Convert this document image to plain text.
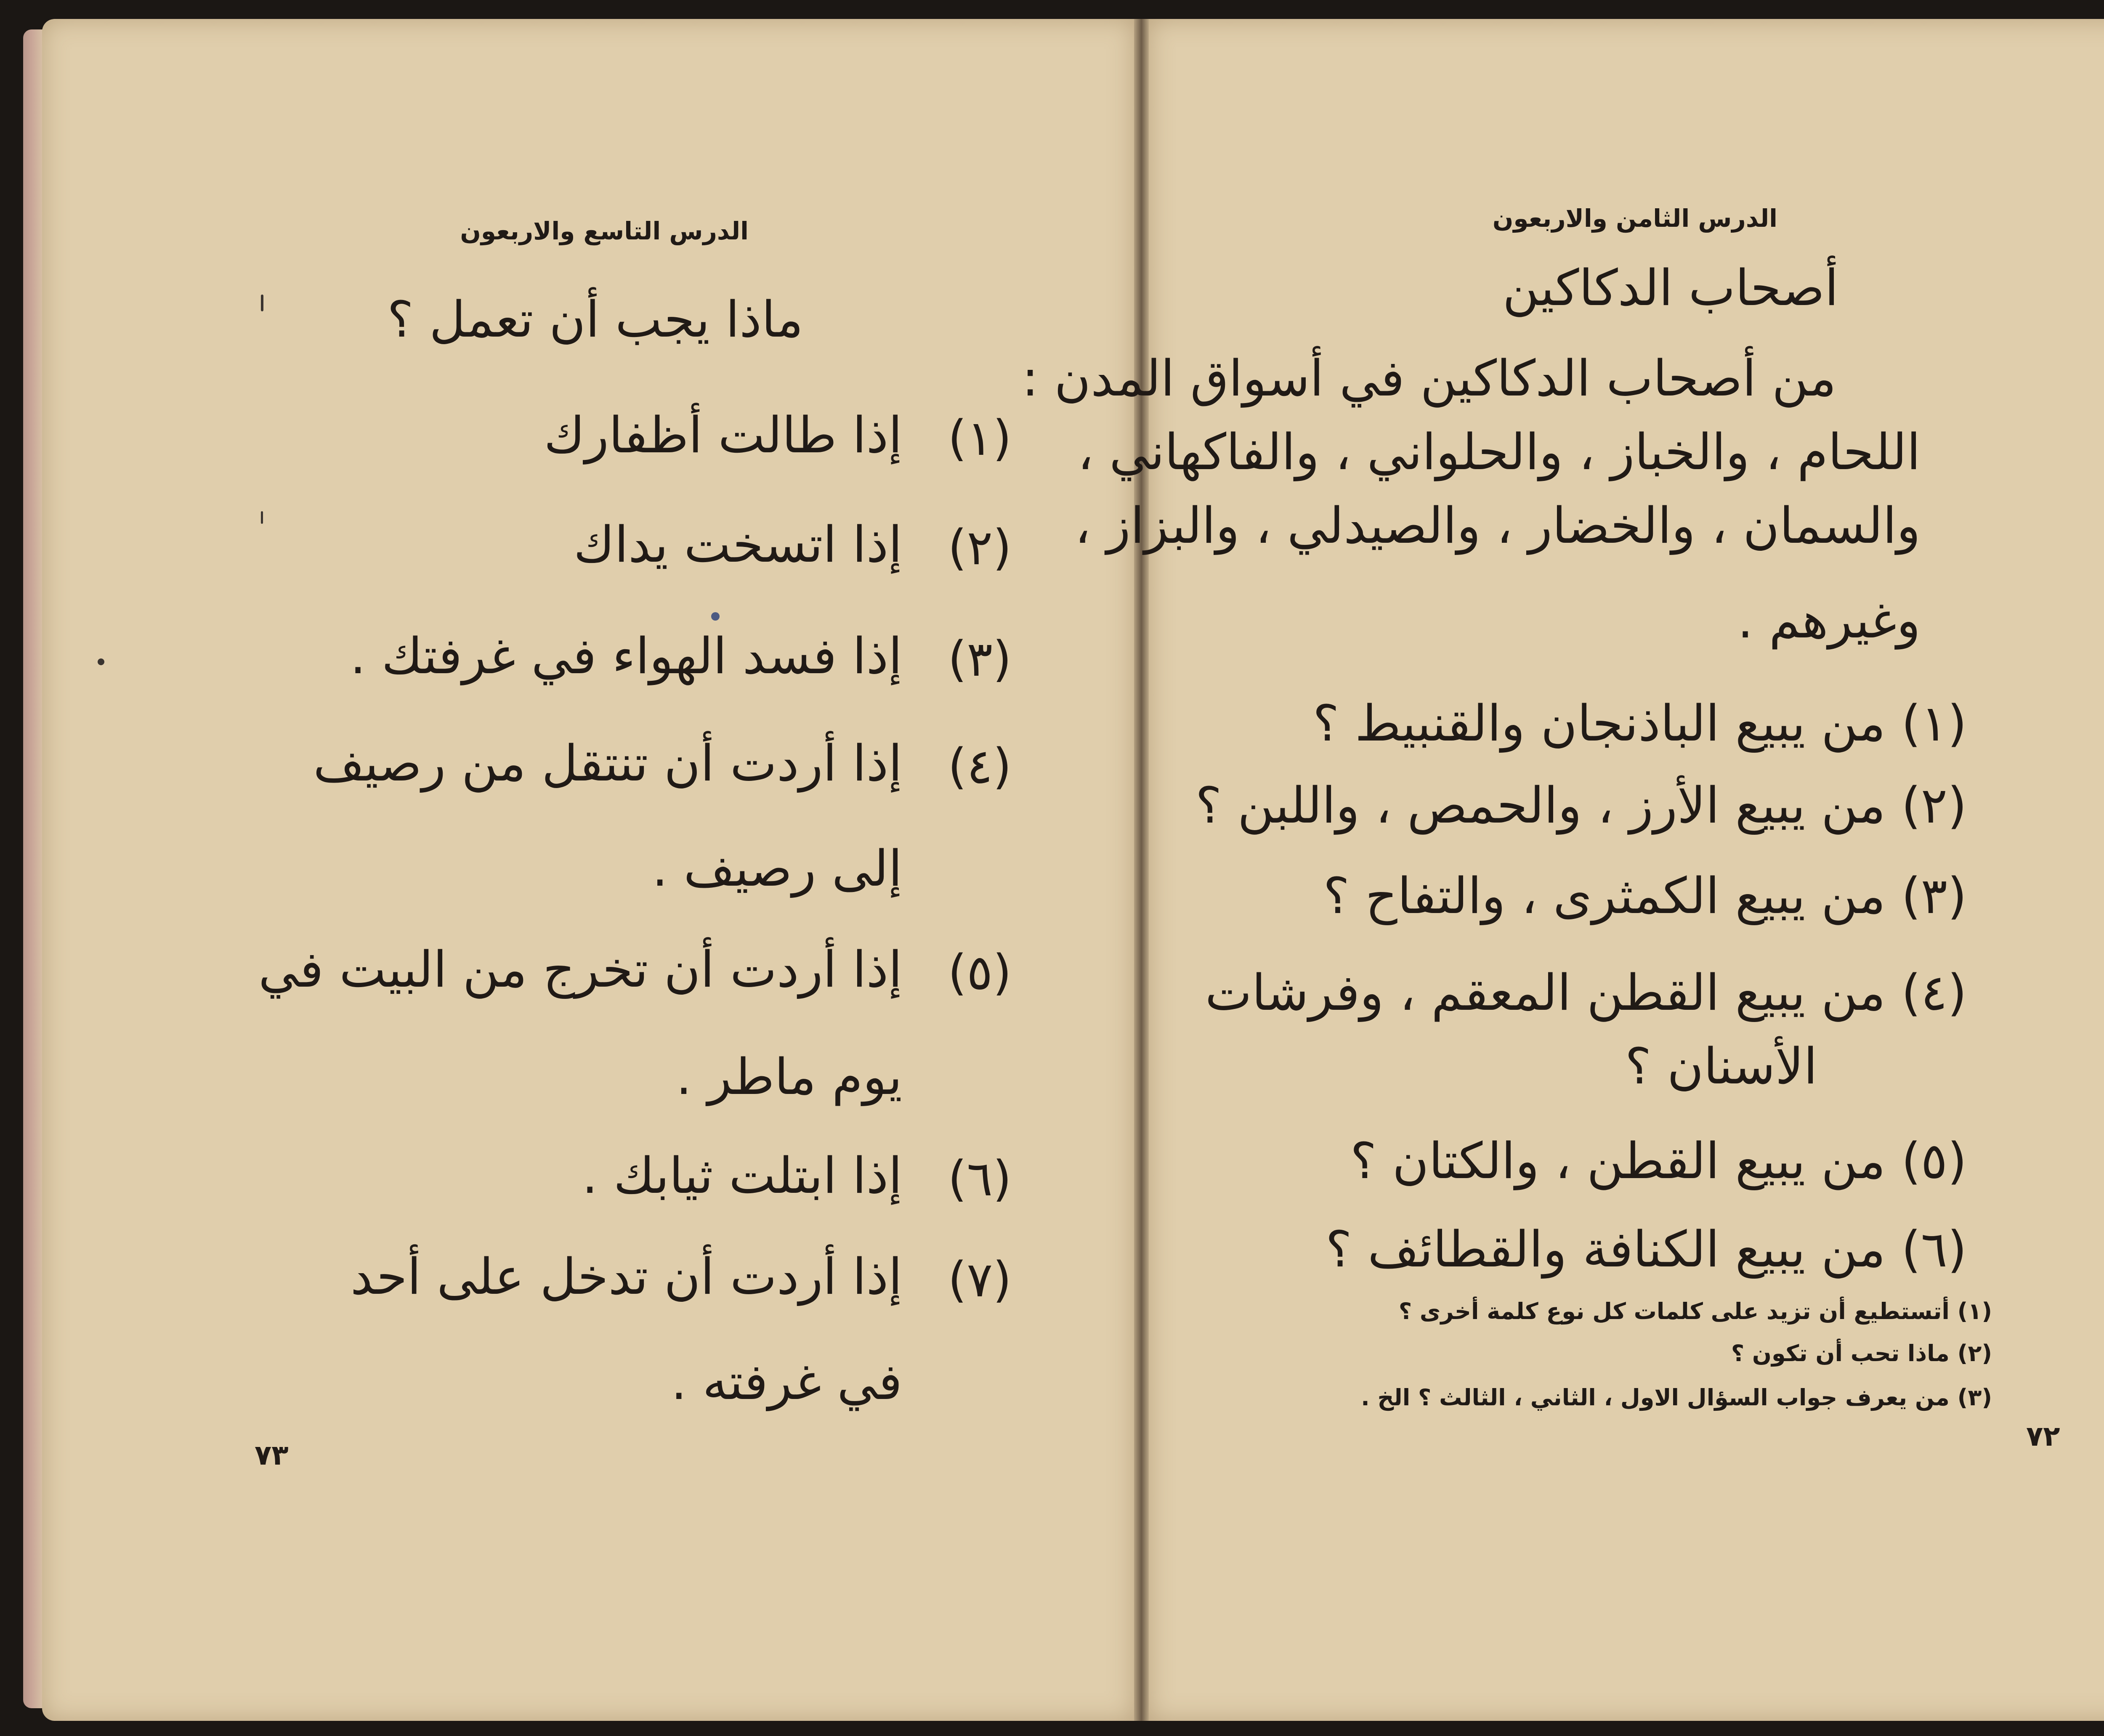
الدرس التاسع والاربعون

ماذا يجب أن تعمل ؟

(١)

إذا طالت أظفارك

(٢)

إذا اتسخت يداك

(٣)

إذا فسد الهواء في غرفتك .

(٤)

إذا أردت أن تنتقل من رصيف

إلى رصيف .

(٥)

إذا أردت أن تخرج من البيت في

يوم ماطر .

(٦)

إذا ابتلت ثيابك .

(٧)

إذا أردت أن تدخل على أحد

في غرفته .

٧٣

الدرس الثامن والاربعون

أصحاب الدكاكين

من أصحاب الدكاكين في أسواق المدن :

اللحام ، والخباز ، والحلواني ، والفاكهاني ،

والسمان ، والخضار ، والصيدلي ، والبزاز ،

وغيرهم .

(١) من يبيع الباذنجان والقنبيط ؟

(٢) من يبيع الأرز ، والحمص ، واللبن ؟

(٣) من يبيع الكمثرى ، والتفاح ؟

(٤) من يبيع القطن المعقم ، وفرشات

الأسنان ؟

(٥) من يبيع القطن ، والكتان ؟

(٦) من يبيع الكنافة والقطائف ؟

(١) أتستطيع أن تزيد على كلمات كل نوع كلمة أخرى ؟

(٢) ماذا تحب أن تكون ؟

(٣) من يعرف جواب السؤال الاول ، الثاني ، الثالث ؟ الخ .

٧٢
